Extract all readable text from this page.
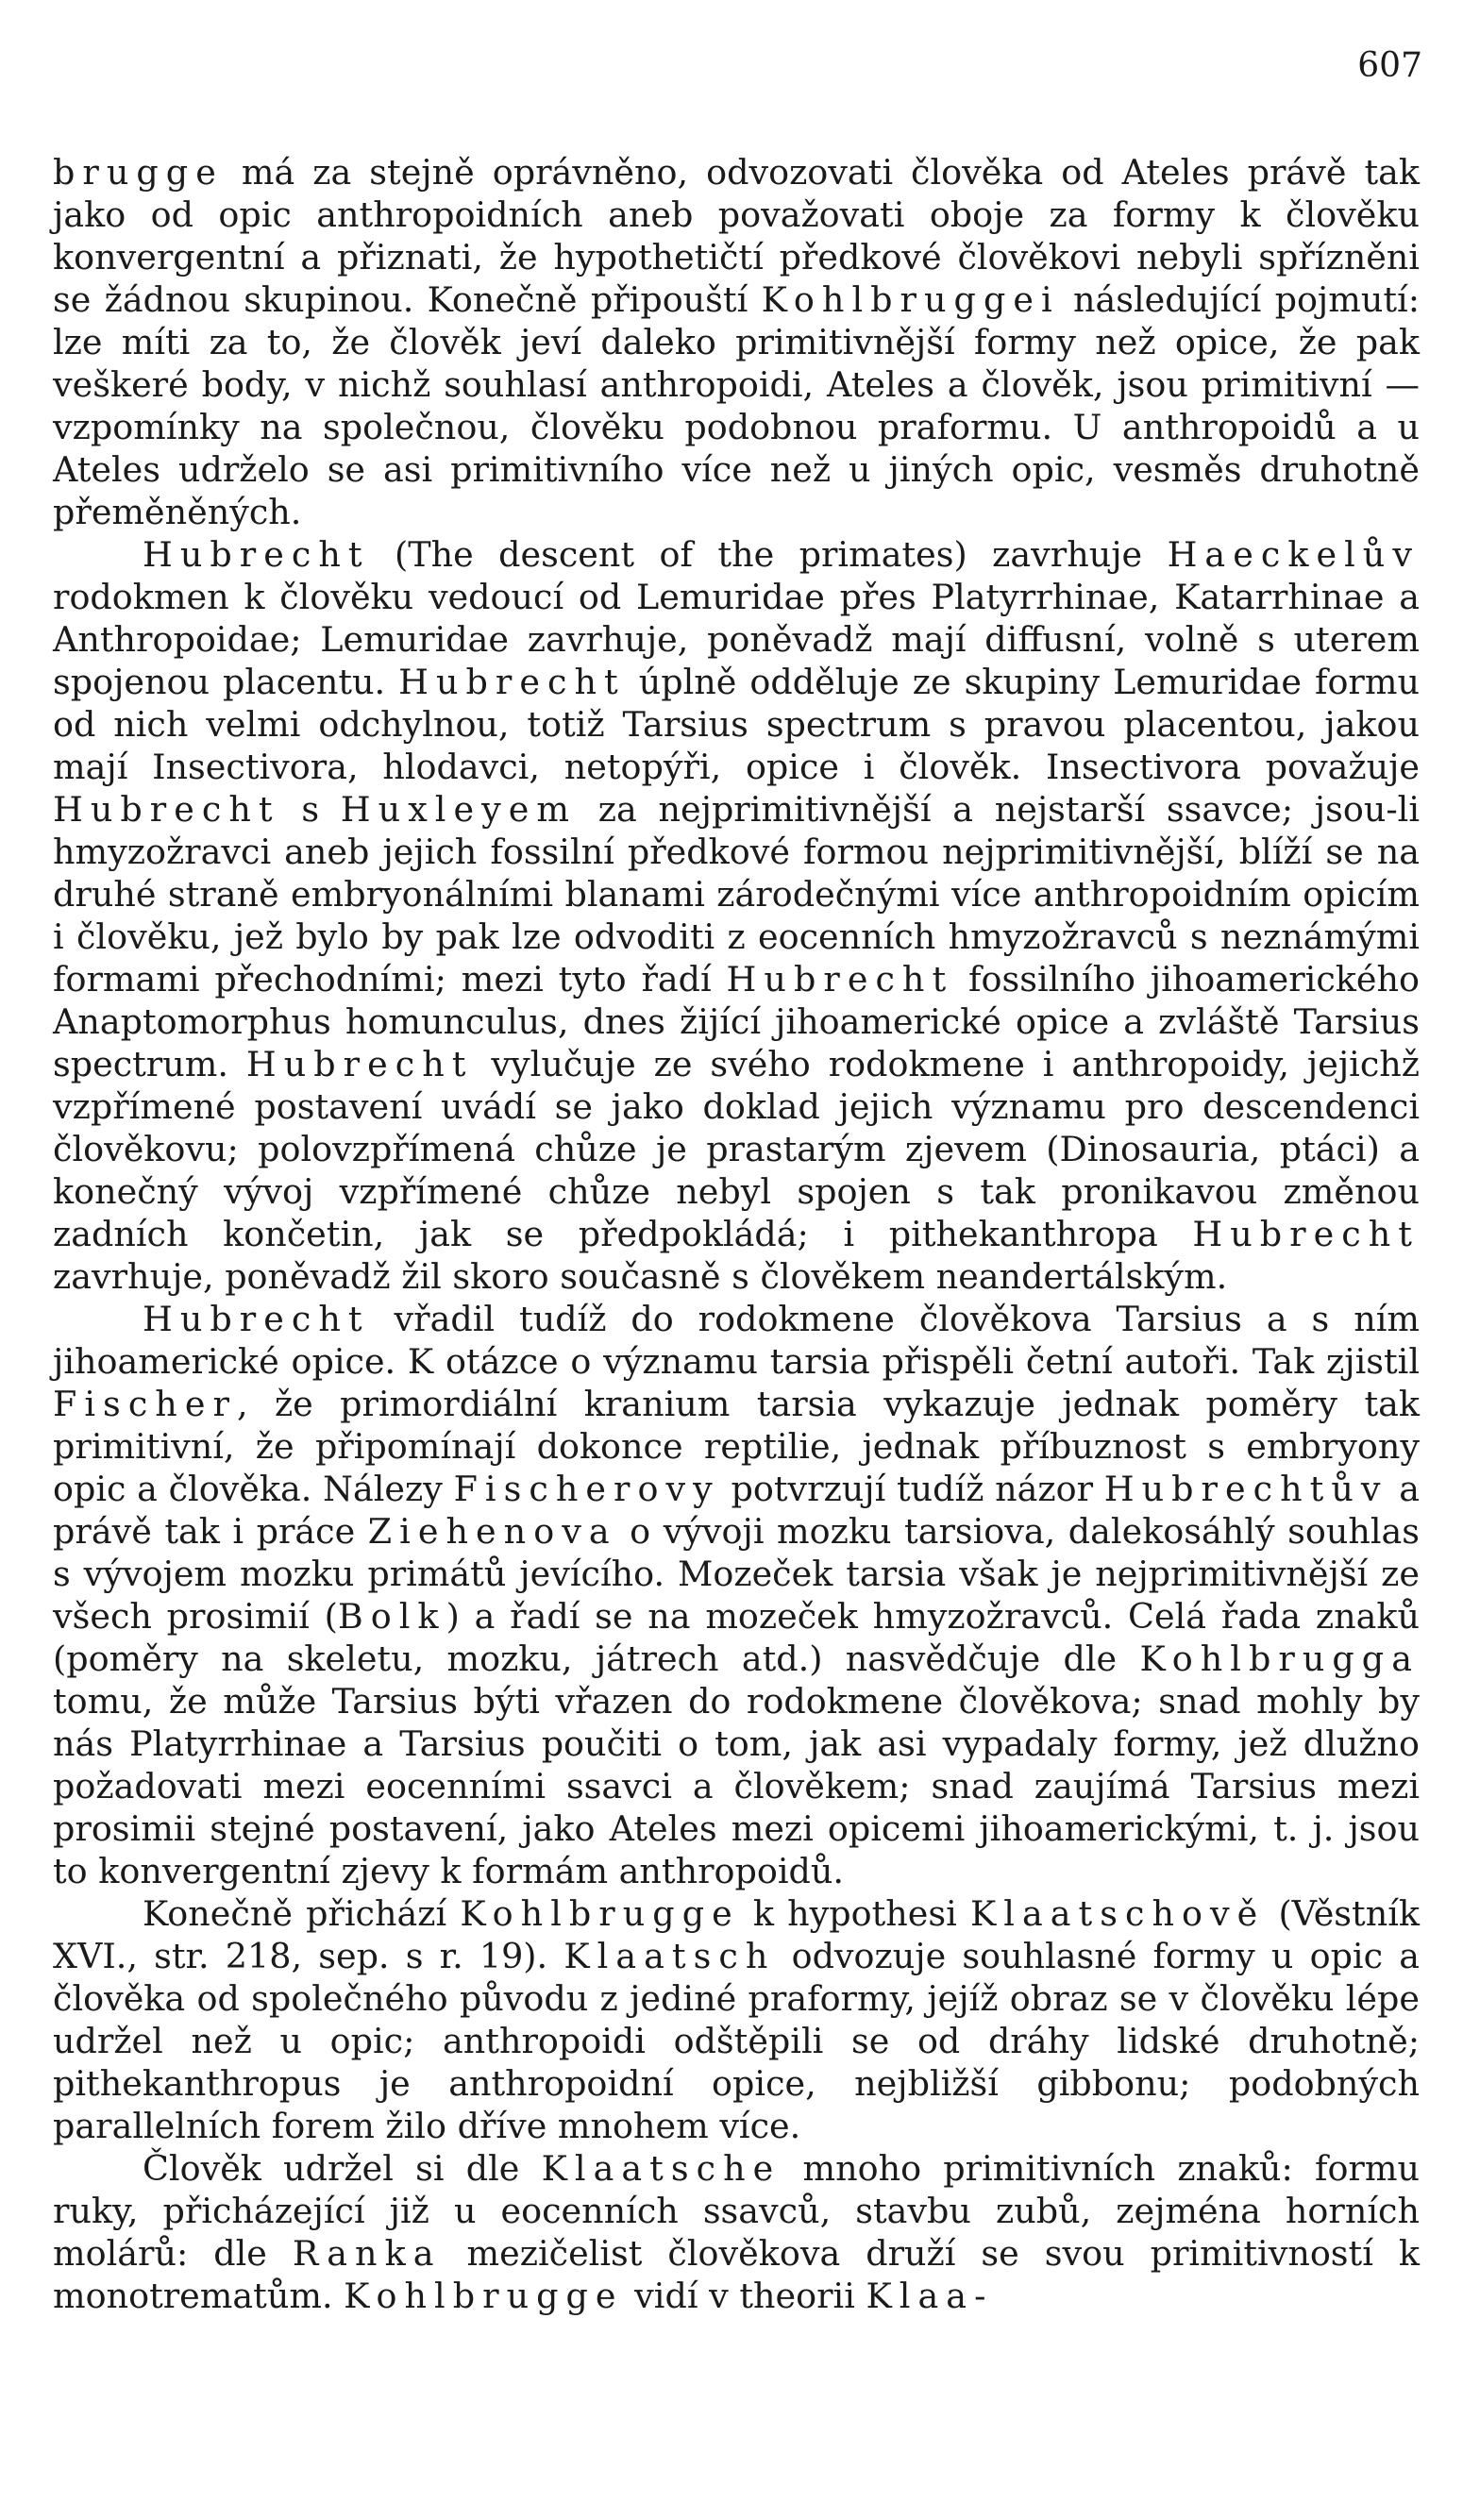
607

brugge má za stejně oprávněno, odvozovati člověka od Ateles právě tak jako od opic anthropoidních aneb považovati oboje za formy k člověku konvergentní a přiznati, že hypothetičtí předkové člověkovi nebyli spřízněni se žádnou skupinou. Konečně připouští Kohlbruggei následující pojmutí: lze míti za to, že člověk jeví daleko primitivnější formy než opice, že pak veškeré body, v nichž souhlasí anthropoidi, Ateles a člověk, jsou primitivní — vzpomínky na společnou, člověku podobnou praformu. U anthropoidů a u Ateles udrželo se asi primitivního více než u jiných opic, vesměs druhotně přeměněných.

Hubrecht (The descent of the primates) zavrhuje Haeckelův rodokmen k člověku vedoucí od Lemuridae přes Platyrrhinae, Katarrhinae a Anthropoidae; Lemuridae zavrhuje, poněvadž mají diffusní, volně s uterem spojenou placentu. Hubrecht úplně odděluje ze skupiny Lemuridae formu od nich velmi odchylnou, totiž Tarsius spectrum s pravou placentou, jakou mají Insectivora, hlodavci, netopýři, opice i člověk. Insectivora považuje Hubrecht s Huxleyem za nejprimitivnější a nejstarší ssavce; jsou-li hmyzožravci aneb jejich fossilní předkové formou nejprimitivnější, blíží se na druhé straně embryonálními blanami zárodečnými více anthropoidním opicím i člověku, jež bylo by pak lze odvoditi z eocenních hmyzožravců s neznámými formami přechodními; mezi tyto řadí Hubrecht fossilního jihoamerického Anaptomorphus homunculus, dnes žijící jihoamerické opice a zvláště Tarsius spectrum. Hubrecht vylučuje ze svého rodokmene i anthropoidy, jejichž vzpřímené postavení uvádí se jako doklad jejich významu pro descendenci člověkovu; polovzpřímená chůze je prastarým zjevem (Dinosauria, ptáci) a konečný vývoj vzpřímené chůze nebyl spojen s tak pronikavou změnou zadních končetin, jak se předpokládá; i pithekanthropa Hubrecht zavrhuje, poněvadž žil skoro současně s člověkem neandertálským.

Hubrecht vřadil tudíž do rodokmene člověkova Tarsius a s ním jihoamerické opice. K otázce o významu tarsia přispěli četní autoři. Tak zjistil Fischer, že primordiální kranium tarsia vykazuje jednak poměry tak primitivní, že připomínají dokonce reptilie, jednak příbuznost s embryony opic a člověka. Nálezy Fischerovy potvrzují tudíž názor Hubrechtův a právě tak i práce Ziehenova o vývoji mozku tarsiova, dalekosáhlý souhlas s vývojem mozku primátů jevícího. Mozeček tarsia však je nejprimitivnější ze všech prosimií (Bolk) a řadí se na mozeček hmyzožravců. Celá řada znaků (poměry na skeletu, mozku, játrech atd.) nasvědčuje dle Kohlbrugga tomu, že může Tarsius býti vřazen do rodokmene člověkova; snad mohly by nás Platyrrhinae a Tarsius poučiti o tom, jak asi vypadaly formy, jež dlužno požadovati mezi eocenními ssavci a člověkem; snad zaujímá Tarsius mezi prosimii stejné postavení, jako Ateles mezi opicemi jihoamerickými, t. j. jsou to konvergentní zjevy k formám anthropoidů.

Konečně přichází Kohlbrugge k hypothesi Klaatschově (Věstník XVI., str. 218, sep. s r. 19). Klaatsch odvozuje souhlasné formy u opic a člověka od společného původu z jediné praformy, jejíž obraz se v člověku lépe udržel než u opic; anthropoidi odštěpili se od dráhy lidské druhotně; pithekanthropus je anthropoidní opice, nejbližší gibbonu; podobných parallelních forem žilo dříve mnohem více.

Člověk udržel si dle Klaatsche mnoho primitivních znaků: formu ruky, přicházející již u eocenních ssavců, stavbu zubů, zejména horních molárů: dle Ranka mezičelist člověkova druží se svou primitivností k monotrematům. Kohlbrugge vidí v theorii Klaa-
